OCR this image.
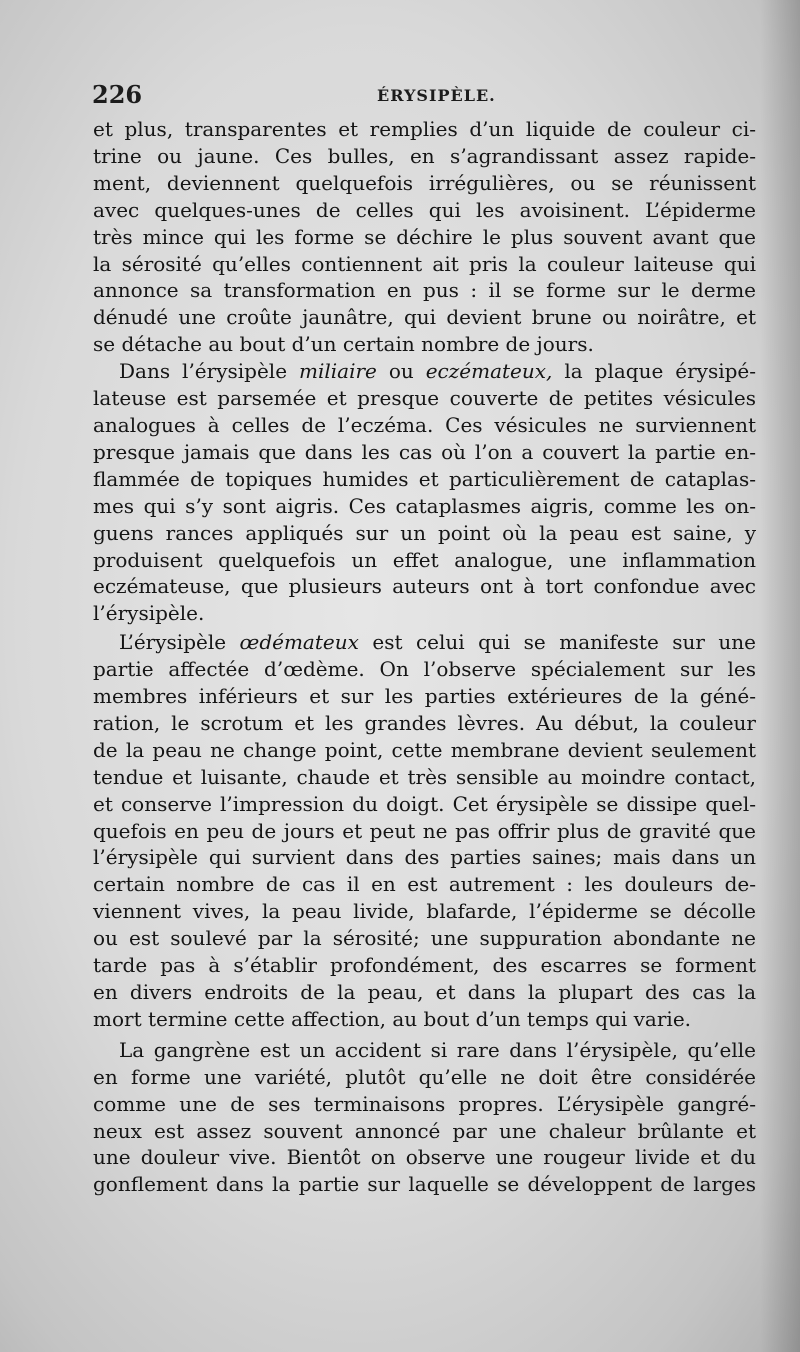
226	ÉRYSIPÈLE.

et plus, transparentes et remplies d’un liquide de couleur ci-
trine ou jaune. Ces bulles, en s’agrandissant assez rapide-
ment, deviennent quelquefois irrégulières, ou se réunissent
avec quelques-unes de celles qui les avoisinent. L’épiderme
très mince qui les forme se déchire le plus souvent avant que
la sérosité qu’elles contiennent ait pris la couleur laiteuse qui
annonce sa transformation en pus : il se forme sur le derme
dénudé une croûte jaunâtre, qui devient brune ou noirâtre, et
se détache au bout d’un certain nombre de jours.

Dans l’érysipèle miliaire ou eczémateux, la plaque érysipé-
lateuse est parsemée et presque couverte de petites vésicules
analogues à celles de l’eczéma. Ces vésicules ne surviennent
presque jamais que dans les cas où l’on a couvert la partie en-
flammée de topiques humides et particulièrement de cataplas-
mes qui s’y sont aigris. Ces cataplasmes aigris, comme les on-
guens rances appliqués sur un point où la peau est saine, y
produisent quelquefois un effet analogue, une inflammation
eczémateuse, que plusieurs auteurs ont à tort confondue avec
l’érysipèle.

L’érysipèle œdémateux est celui qui se manifeste sur une
partie affectée d’œdème. On l’observe spécialement sur les
membres inférieurs et sur les parties extérieures de la géné-
ration, le scrotum et les grandes lèvres. Au début, la couleur
de la peau ne change point, cette membrane devient seulement
tendue et luisante, chaude et très sensible au moindre contact,
et conserve l’impression du doigt. Cet érysipèle se dissipe quel-
quefois en peu de jours et peut ne pas offrir plus de gravité que
l’érysipèle qui survient dans des parties saines; mais dans un
certain nombre de cas il en est autrement : les douleurs de-
viennent vives, la peau livide, blafarde, l’épiderme se décolle
ou est soulevé par la sérosité; une suppuration abondante ne
tarde pas à s’établir profondément, des escarres se forment
en divers endroits de la peau, et dans la plupart des cas la
mort termine cette affection, au bout d’un temps qui varie.

La gangrène est un accident si rare dans l’érysipèle, qu’elle
en forme une variété, plutôt qu’elle ne doit être considérée
comme une de ses terminaisons propres. L’érysipèle gangré-
neux est assez souvent annoncé par une chaleur brûlante et
une douleur vive. Bientôt on observe une rougeur livide et du
gonflement dans la partie sur laquelle se développent de larges
